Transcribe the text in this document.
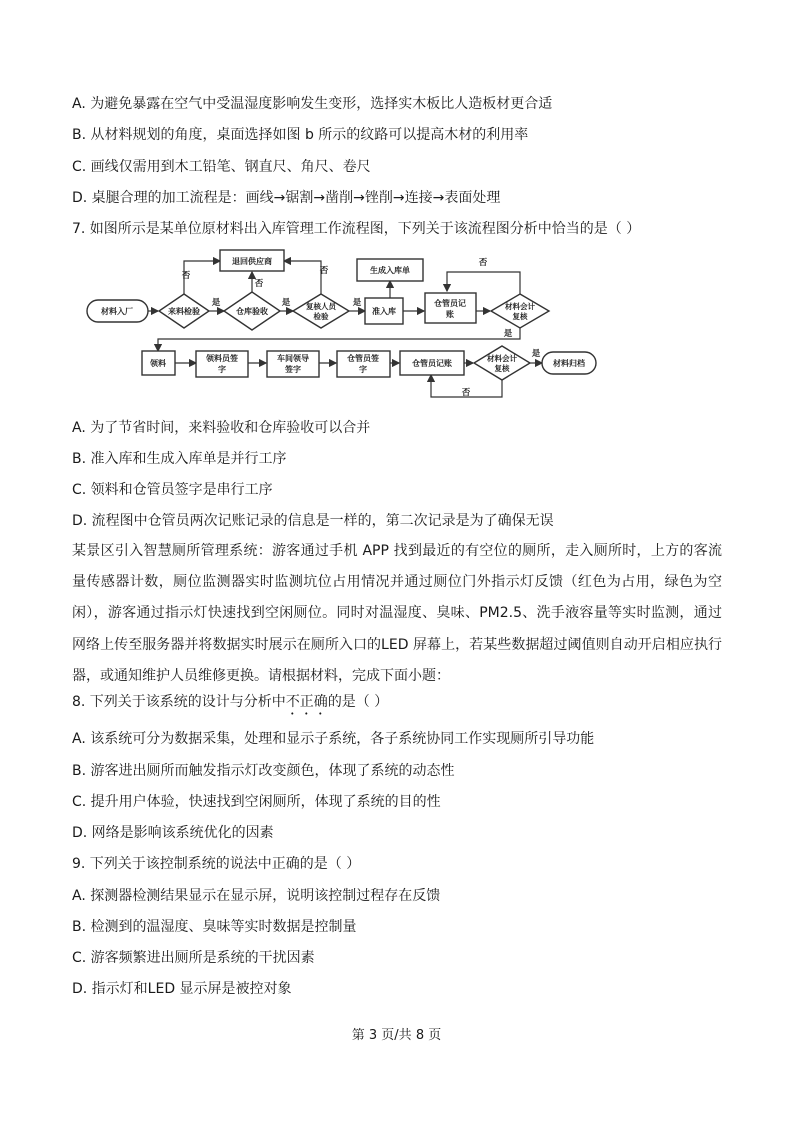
A. 为避免暴露在空气中受温湿度影响发生变形，选择实木板比人造板材更合适
B. 从材料规划的角度，桌面选择如图 b 所示的纹路可以提高木材的利用率
C. 画线仅需用到木工铅笔、钢直尺、角尺、卷尺
D. 桌腿合理的加工流程是：画线→锯割→凿削→锉削→连接→表面处理
7. 如图所示是某单位原材料出入库管理工作流程图，下列关于该流程图分析中恰当的是（ ）
材料入厂	来料检验
退回供应商
仓库验收
复核人员
检验
准入库
生成入库单
仓管员记
账
材料会计
复核
领料
领料员签
字
车间领导
签字
仓管员签
字
仓管员记账
材料会计
复核
材料归档
否
是
否
是
否
是
否
是
是
否
A. 为了节省时间，来料验收和仓库验收可以合并
B. 准入库和生成入库单是并行工序
C. 领料和仓管员签字是串行工序
D. 流程图中仓管员两次记账记录的信息是一样的，第二次记录是为了确保无误
某景区引入智慧厕所管理系统：游客通过手机 APP 找到最近的有空位的厕所，走入厕所时，上方的客流量传感器计数，厕位监测器实时监测坑位占用情况并通过厕位门外指示灯反馈（红色为占用，绿色为空闲），游客通过指示灯快速找到空闲厕位。同时对温湿度、臭味、PM2.5、洗手液容量等实时监测，通过网络上传至服务器并将数据实时展示在厕所入口的LED 屏幕上，若某些数据超过阈值则自动开启相应执行器，或通知维护人员维修更换。请根据材料，完成下面小题：
8. 下列关于该系统的设计与分析中不正确的是（ ）
A. 该系统可分为数据采集，处理和显示子系统，各子系统协同工作实现厕所引导功能
B. 游客进出厕所而触发指示灯改变颜色，体现了系统的动态性
C. 提升用户体验，快速找到空闲厕所，体现了系统的目的性
D. 网络是影响该系统优化的因素
9. 下列关于该控制系统的说法中正确的是（ ）
A. 探测器检测结果显示在显示屏，说明该控制过程存在反馈
B. 检测到的温湿度、臭味等实时数据是控制量
C. 游客频繁进出厕所是系统的干扰因素
D. 指示灯和LED 显示屏是被控对象
第 3 页/共 8 页
